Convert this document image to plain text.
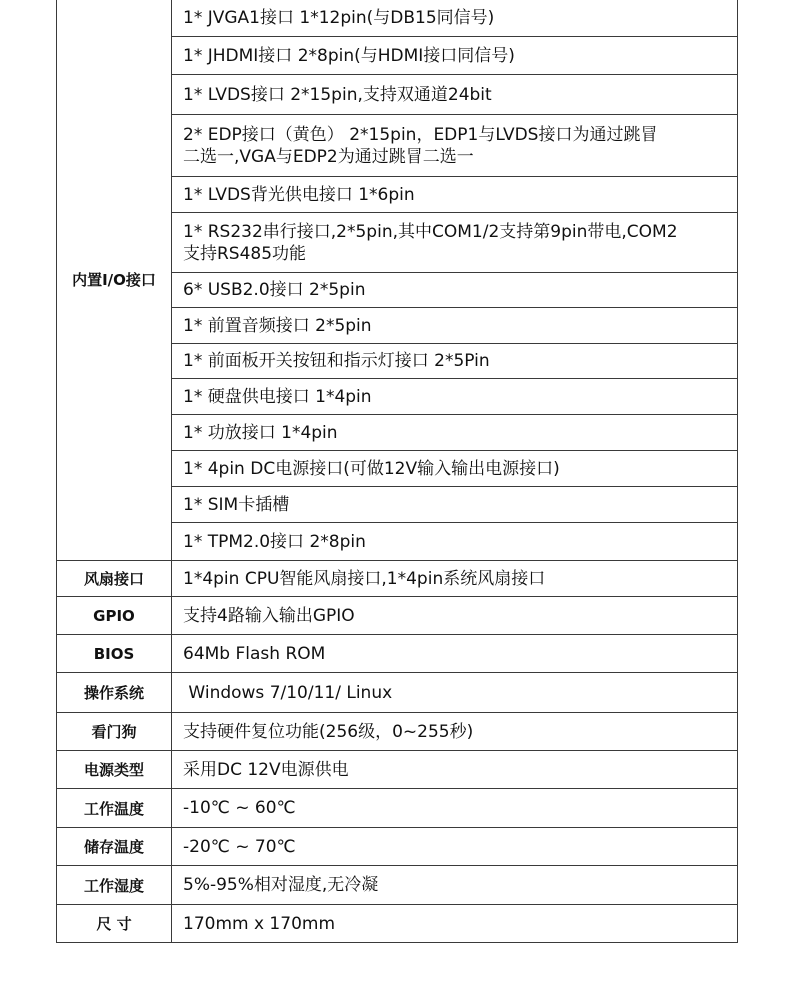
内置I/O接口	1* JVGA1接口 1*12pin(与DB15同信号)

	1* JHDMI接口 2*8pin(与HDMI接口同信号)

	1* LVDS接口 2*15pin,支持双通道24bit

	2* EDP接口（黄色） 2*15pin，EDP1与LVDS接口为通过跳冒
二选一,VGA与EDP2为通过跳冒二选一

	1* LVDS背光供电接口 1*6pin

	1* RS232串行接口,2*5pin,其中COM1/2支持第9pin带电,COM2
支持RS485功能

	6* USB2.0接口 2*5pin

	1* 前置音频接口 2*5pin

	1* 前面板开关按钮和指示灯接口 2*5Pin

	1* 硬盘供电接口 1*4pin

	1* 功放接口 1*4pin

	1* 4pin DC电源接口(可做12V输入输出电源接口)

	1* SIM卡插槽

	1* TPM2.0接口 2*8pin

风扇接口	1*4pin CPU智能风扇接口,1*4pin系统风扇接口
GPIO	支持4路输入输出GPIO
BIOS	64Mb Flash ROM
操作系统	Windows 7/10/11/ Linux
看门狗	支持硬件复位功能(256级，0~255秒)
电源类型	采用DC 12V电源供电
工作温度	-10℃ ~ 60℃
储存温度	-20℃ ~ 70℃
工作湿度	5%-95%相对湿度,无冷凝
尺 寸	170mm x 170mm
